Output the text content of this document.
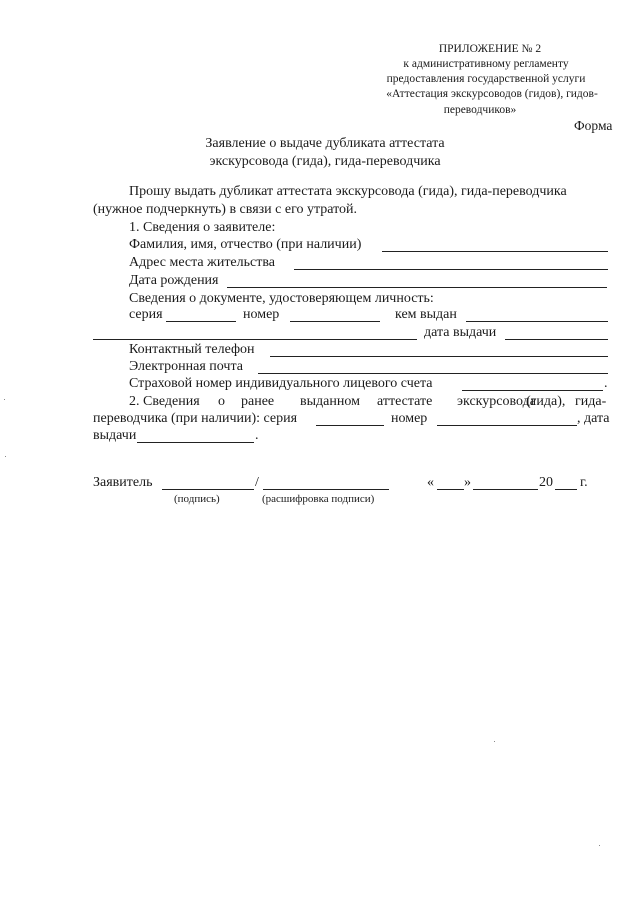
ПРИЛОЖЕНИЕ № 2
к административному регламенту
предоставления государственной услуги
«Аттестация экскурсоводов (гидов), гидов-
переводчиков»
Форма
Заявление о выдаче дубликата аттестата
экскурсовода (гида), гида-переводчика
Прошу выдать дубликат аттестата экскурсовода (гида), гида-переводчика
(нужное подчеркнуть) в связи с его утратой.
1. Сведения о заявителе:
Фамилия, имя, отчество (при наличии)
Адрес места жительства
Дата рождения
Сведения о документе, удостоверяющем личность:
серия	номер	кем выдан
дата выдачи
Контактный телефон
Электронная почта
Страховой номер индивидуального лицевого счета	.
2. Сведения о ранее выданном аттестате экскурсовода
(гида), гида-
переводчика (при наличии): серия	номер	, дата
выдачи	.
Заявитель	/	« »	20 г.
(подпись)	(расшифровка подписи)
